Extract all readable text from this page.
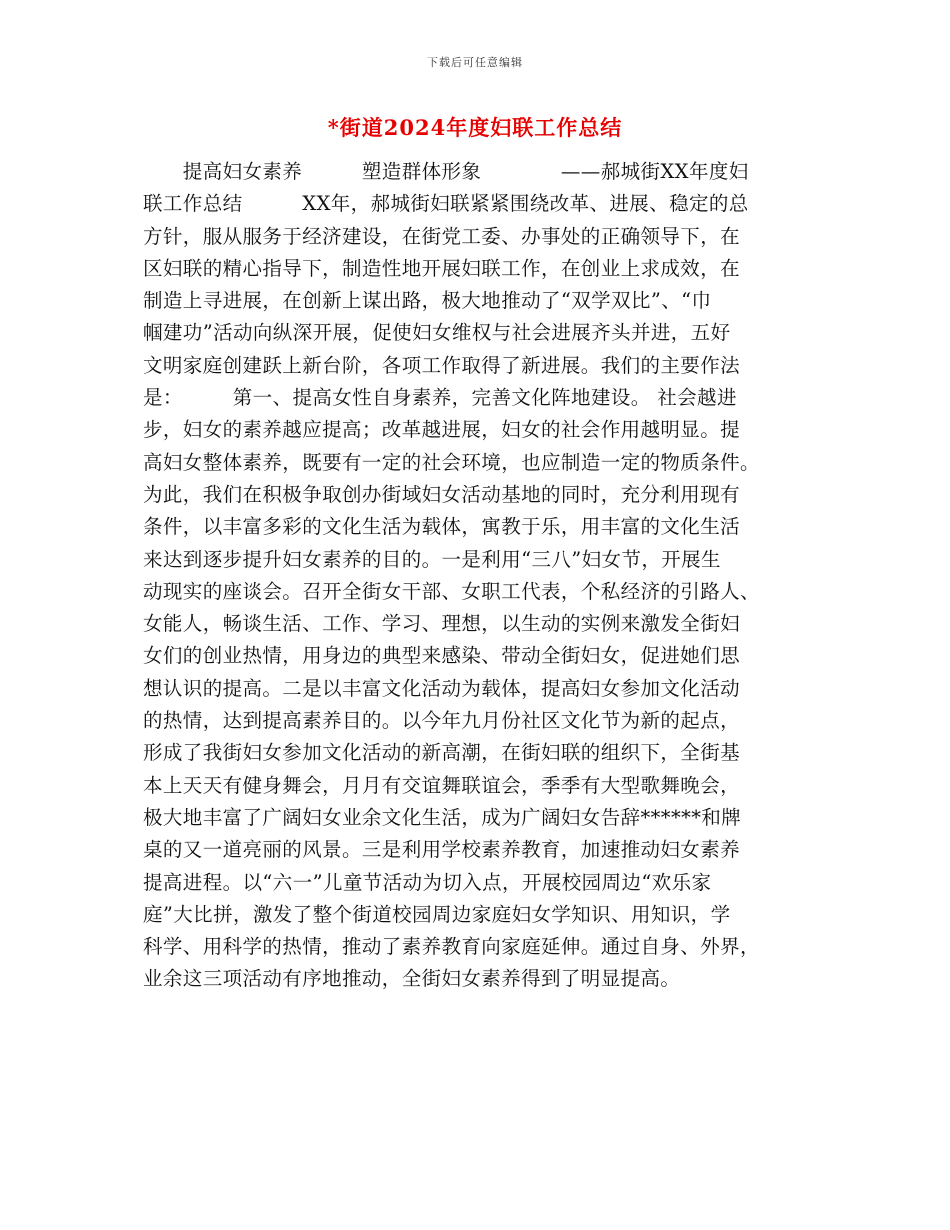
下载后可任意编辑
*街道2024年度妇联工作总结
　　提高妇女素养　　　塑造群体形象　　　　——郝城街XX年度妇
联工作总结　　　XX年，郝城街妇联紧紧围绕改革、进展、稳定的总
方针，服从服务于经济建设，在街党工委、办事处的正确领导下，在
区妇联的精心指导下，制造性地开展妇联工作，在创业上求成效，在
制造上寻进展，在创新上谋出路，极大地推动了“双学双比”、“巾
帼建功”活动向纵深开展，促使妇女维权与社会进展齐头并进，五好
文明家庭创建跃上新台阶，各项工作取得了新进展。我们的主要作法
是：　　　第一、提高女性自身素养，完善文化阵地建设。 社会越进
步，妇女的素养越应提高；改革越进展，妇女的社会作用越明显。提
高妇女整体素养，既要有一定的社会环境，也应制造一定的物质条件。
为此，我们在积极争取创办街域妇女活动基地的同时，充分利用现有
条件，以丰富多彩的文化生活为载体，寓教于乐，用丰富的文化生活
来达到逐步提升妇女素养的目的。一是利用“三八”妇女节，开展生
动现实的座谈会。召开全街女干部、女职工代表，个私经济的引路人、
女能人，畅谈生活、工作、学习、理想，以生动的实例来激发全街妇
女们的创业热情，用身边的典型来感染、带动全街妇女，促进她们思
想认识的提高。二是以丰富文化活动为载体，提高妇女参加文化活动
的热情，达到提高素养目的。以今年九月份社区文化节为新的起点，
形成了我街妇女参加文化活动的新高潮，在街妇联的组织下，全街基
本上天天有健身舞会，月月有交谊舞联谊会，季季有大型歌舞晚会，
极大地丰富了广阔妇女业余文化生活，成为广阔妇女告辞******和牌
桌的又一道亮丽的风景。三是利用学校素养教育，加速推动妇女素养
提高进程。以“六一”儿童节活动为切入点，开展校园周边“欢乐家
庭”大比拼，激发了整个街道校园周边家庭妇女学知识、用知识，学
科学、用科学的热情，推动了素养教育向家庭延伸。通过自身、外界，
业余这三项活动有序地推动，全街妇女素养得到了明显提高。
